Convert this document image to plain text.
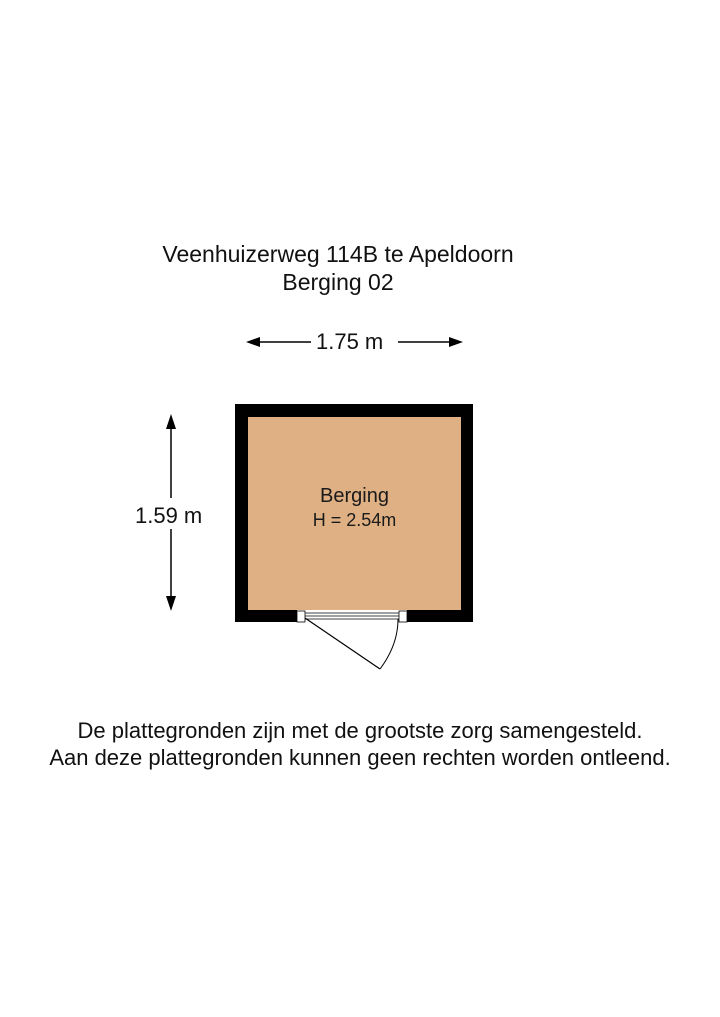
Veenhuizerweg 114B te Apeldoorn
Berging 02
1.75 m
1.59 m
Berging
H = 2.54m
De plattegronden zijn met de grootste zorg samengesteld.
Aan deze plattegronden kunnen geen rechten worden ontleend.
